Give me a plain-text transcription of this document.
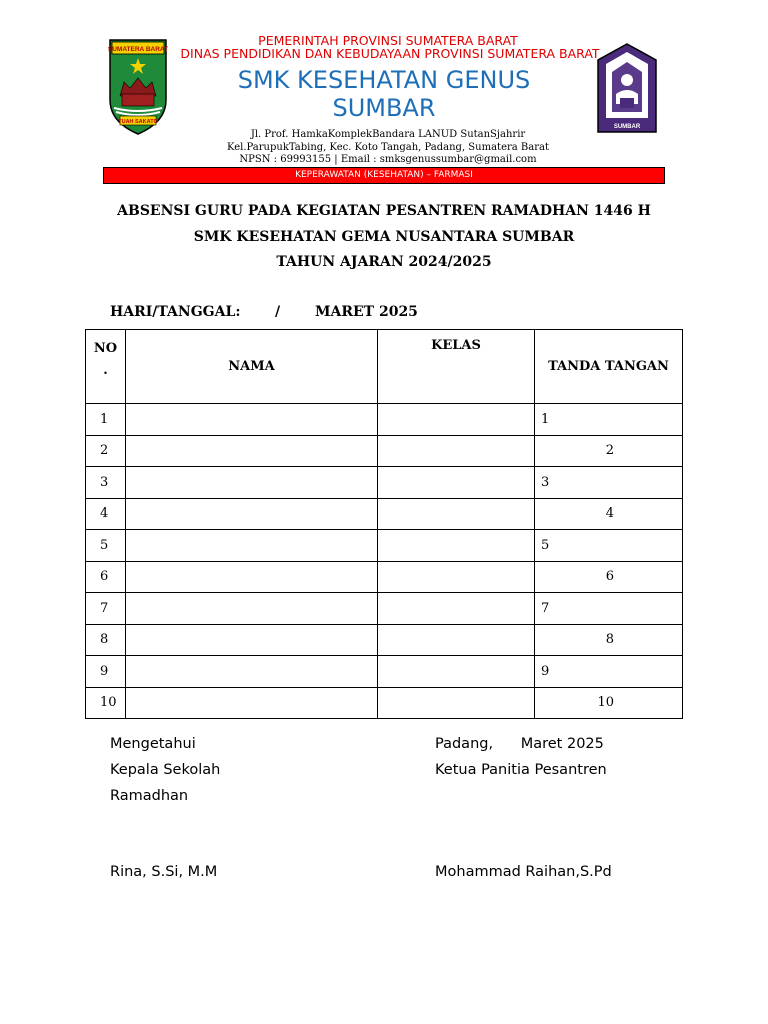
SUMATERA BARAT
TUAH SAKATO
SUMBAR
PEMERINTAH PROVINSI SUMATERA BARAT
DINAS PENDIDIKAN DAN KEBUDAYAAN PROVINSI SUMATERA BARAT
SMK KESEHATAN GENUS SUMBAR
Jl. Prof. HamkaKomplekBandara LANUD SutanSjahrir
Kel.ParupukTabing, Kec. Koto Tangah, Padang, Sumatera Barat
NPSN : 69993155 | Email : smksgenussumbar@gmail.com
KEPERAWATAN (KESEHATAN) – FARMASI
ABSENSI GURU PADA KEGIATAN PESANTREN RAMADHAN 1446 H
SMK KESEHATAN GEMA NUSANTARA SUMBAR
TAHUN AJARAN 2024/2025
HARI/TANGGAL: / MARET 2025
NO
.	NAMA	KELAS	TANDA TANGAN
1			1
2			2
3			3
4			4
5			5
6			6
7			7
8			8
9			9
10			10
Mengetahui
Kepala Sekolah
Ramadhan
Rina, S.Si, M.M
Padang,      Maret 2025
Ketua Panitia Pesantren
Mohammad Raihan,S.Pd
